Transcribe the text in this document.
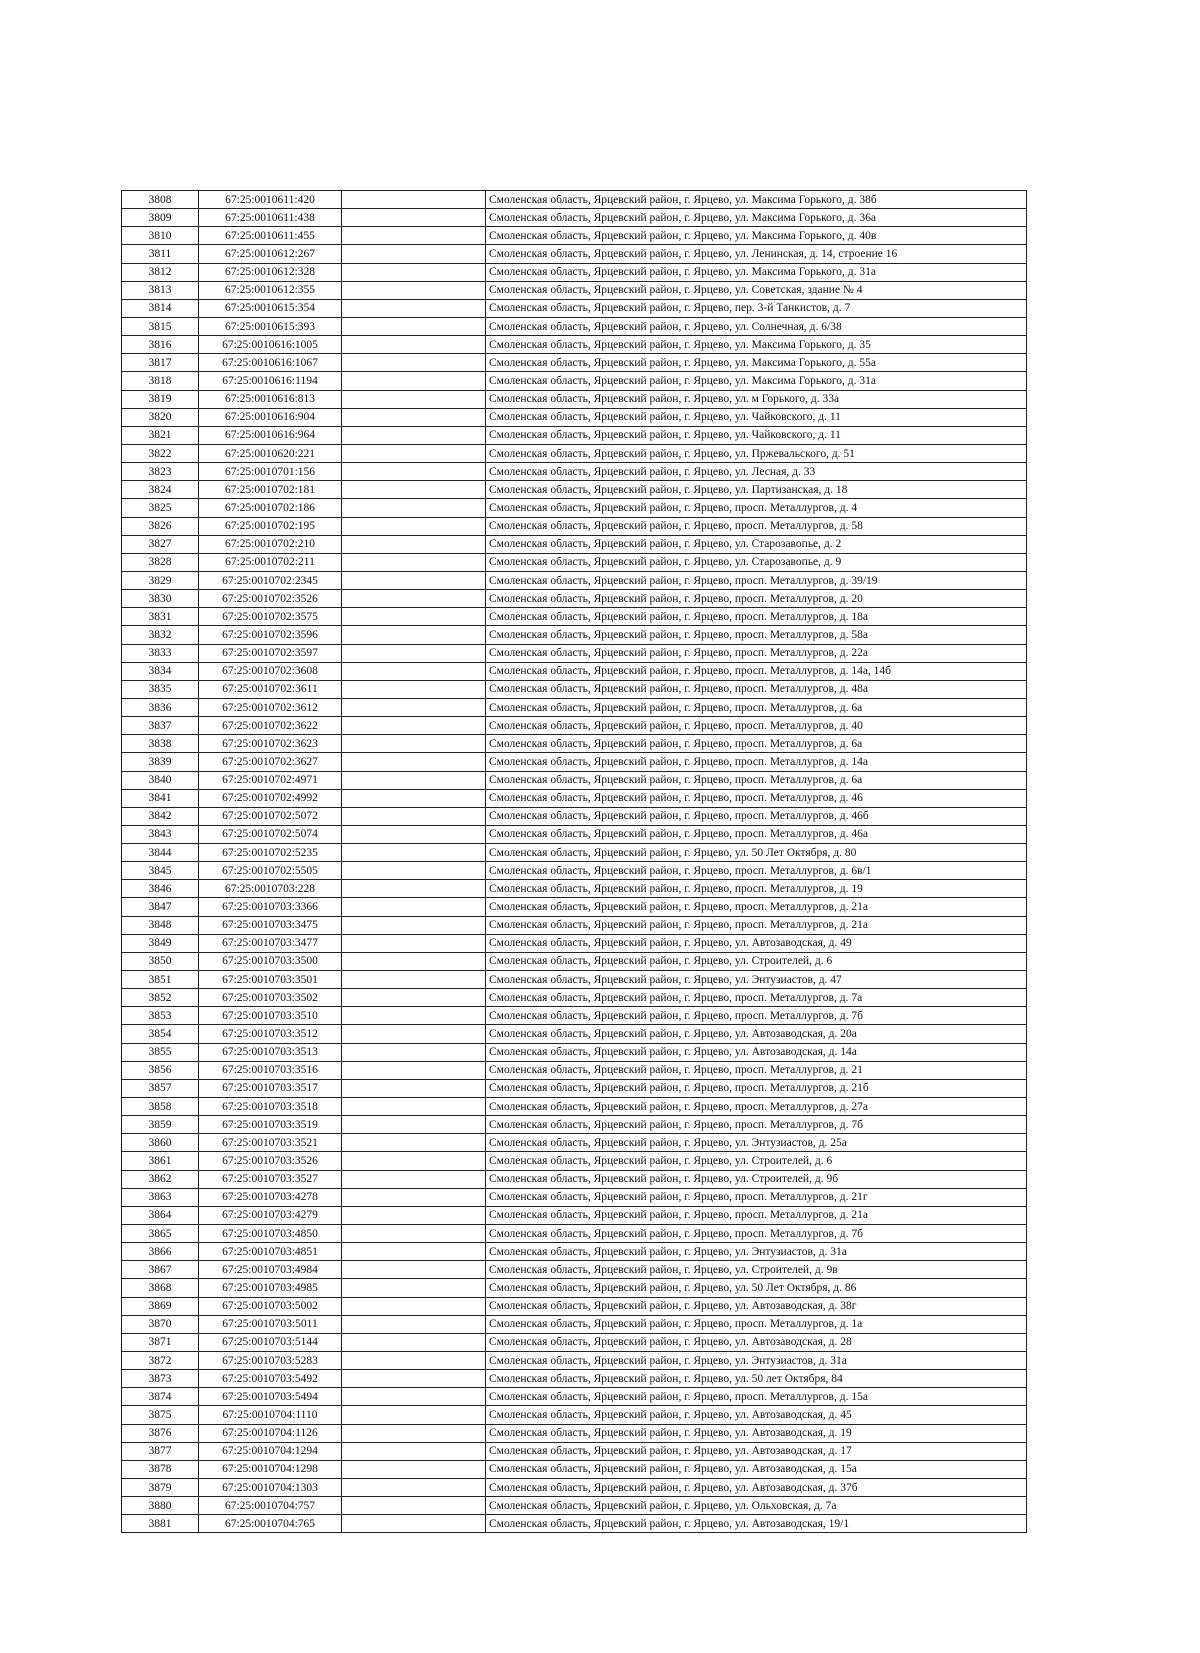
3808	67:25:0010611:420		Смоленская область, Ярцевский район, г. Ярцево, ул. Максима Горького, д. 38б
3809	67:25:0010611:438		Смоленская область, Ярцевский район, г. Ярцево, ул. Максима Горького, д. 36а
3810	67:25:0010611:455		Смоленская область, Ярцевский район, г. Ярцево, ул. Максима Горького, д. 40в
3811	67:25:0010612:267		Смоленская область, Ярцевский район, г. Ярцево, ул. Ленинская, д. 14, строение 16
3812	67:25:0010612:328		Смоленская область, Ярцевский район, г. Ярцево, ул. Максима Горького, д. 31а
3813	67:25:0010612:355		Смоленская область, Ярцевский район, г. Ярцево, ул. Советская, здание № 4
3814	67:25:0010615:354		Смоленская область, Ярцевский район, г. Ярцево, пер. 3-й Танкистов, д. 7
3815	67:25:0010615:393		Смоленская область, Ярцевский район, г. Ярцево, ул. Солнечная, д. 6/38
3816	67:25:0010616:1005		Смоленская область, Ярцевский район, г. Ярцево, ул. Максима Горького, д. 35
3817	67:25:0010616:1067		Смоленская область, Ярцевский район, г. Ярцево, ул. Максима Горького, д. 55а
3818	67:25:0010616:1194		Смоленская область, Ярцевский район, г. Ярцево, ул. Максима Горького, д. 31а
3819	67:25:0010616:813		Смоленская область, Ярцевский район, г. Ярцево, ул. м Горького, д. 33а
3820	67:25:0010616:904		Смоленская область, Ярцевский район, г. Ярцево, ул. Чайковского, д. 11
3821	67:25:0010616:964		Смоленская область, Ярцевский район, г. Ярцево, ул. Чайковского, д. 11
3822	67:25:0010620:221		Смоленская область, Ярцевский район, г. Ярцево, ул. Пржевальского, д. 51
3823	67:25:0010701:156		Смоленская область, Ярцевский район, г. Ярцево, ул. Лесная, д. 33
3824	67:25:0010702:181		Смоленская область, Ярцевский район, г. Ярцево, ул. Партизанская, д. 18
3825	67:25:0010702:186		Смоленская область, Ярцевский район, г. Ярцево, просп. Металлургов, д. 4
3826	67:25:0010702:195		Смоленская область, Ярцевский район, г. Ярцево, просп. Металлургов, д. 58
3827	67:25:0010702:210		Смоленская область, Ярцевский район, г. Ярцево, ул. Старозавопье, д. 2
3828	67:25:0010702:211		Смоленская область, Ярцевский район, г. Ярцево, ул. Старозавопье, д. 9
3829	67:25:0010702:2345		Смоленская область, Ярцевский район, г. Ярцево, просп. Металлургов, д. 39/19
3830	67:25:0010702:3526		Смоленская область, Ярцевский район, г. Ярцево, просп. Металлургов, д. 20
3831	67:25:0010702:3575		Смоленская область, Ярцевский район, г. Ярцево, просп. Металлургов, д. 18а
3832	67:25:0010702:3596		Смоленская область, Ярцевский район, г. Ярцево, просп. Металлургов, д. 58а
3833	67:25:0010702:3597		Смоленская область, Ярцевский район, г. Ярцево, просп. Металлургов, д. 22а
3834	67:25:0010702:3608		Смоленская область, Ярцевский район, г. Ярцево, просп. Металлургов, д. 14а, 14б
3835	67:25:0010702:3611		Смоленская область, Ярцевский район, г. Ярцево, просп. Металлургов, д. 48а
3836	67:25:0010702:3612		Смоленская область, Ярцевский район, г. Ярцево, просп. Металлургов, д. 6а
3837	67:25:0010702:3622		Смоленская область, Ярцевский район, г. Ярцево, просп. Металлургов, д. 40
3838	67:25:0010702:3623		Смоленская область, Ярцевский район, г. Ярцево, просп. Металлургов, д. 6а
3839	67:25:0010702:3627		Смоленская область, Ярцевский район, г. Ярцево, просп. Металлургов, д. 14а
3840	67:25:0010702:4971		Смоленская область, Ярцевский район, г. Ярцево, просп. Металлургов, д. 6а
3841	67:25:0010702:4992		Смоленская область, Ярцевский район, г. Ярцево, просп. Металлургов, д. 46
3842	67:25:0010702:5072		Смоленская область, Ярцевский район, г. Ярцево, просп. Металлургов, д. 46б
3843	67:25:0010702:5074		Смоленская область, Ярцевский район, г. Ярцево, просп. Металлургов, д. 46а
3844	67:25:0010702:5235		Смоленская область, Ярцевский район, г. Ярцево, ул. 50 Лет Октября, д. 80
3845	67:25:0010702:5505		Смоленская область, Ярцевский район, г. Ярцево, просп. Металлургов, д. 6в/1
3846	67:25:0010703:228		Смоленская область, Ярцевский район, г. Ярцево, просп. Металлургов, д. 19
3847	67:25:0010703:3366		Смоленская область, Ярцевский район, г. Ярцево, просп. Металлургов, д. 21а
3848	67:25:0010703:3475		Смоленская область, Ярцевский район, г. Ярцево, просп. Металлургов, д. 21а
3849	67:25:0010703:3477		Смоленская область, Ярцевский район, г. Ярцево, ул. Автозаводская, д. 49
3850	67:25:0010703:3500		Смоленская область, Ярцевский район, г. Ярцево, ул. Строителей, д. 6
3851	67:25:0010703:3501		Смоленская область, Ярцевский район, г. Ярцево, ул. Энтузиастов, д. 47
3852	67:25:0010703:3502		Смоленская область, Ярцевский район, г. Ярцево, просп. Металлургов, д. 7а
3853	67:25:0010703:3510		Смоленская область, Ярцевский район, г. Ярцево, просп. Металлургов, д. 7б
3854	67:25:0010703:3512		Смоленская область, Ярцевский район, г. Ярцево, ул. Автозаводская, д. 20а
3855	67:25:0010703:3513		Смоленская область, Ярцевский район, г. Ярцево, ул. Автозаводская, д. 14а
3856	67:25:0010703:3516		Смоленская область, Ярцевский район, г. Ярцево, просп. Металлургов, д. 21
3857	67:25:0010703:3517		Смоленская область, Ярцевский район, г. Ярцево, просп. Металлургов, д. 21б
3858	67:25:0010703:3518		Смоленская область, Ярцевский район, г. Ярцево, просп. Металлургов, д. 27а
3859	67:25:0010703:3519		Смоленская область, Ярцевский район, г. Ярцево, просп. Металлургов, д. 7б
3860	67:25:0010703:3521		Смоленская область, Ярцевский район, г. Ярцево, ул. Энтузиастов, д. 25а
3861	67:25:0010703:3526		Смоленская область, Ярцевский район, г. Ярцево, ул. Строителей, д. 6
3862	67:25:0010703:3527		Смоленская область, Ярцевский район, г. Ярцево, ул. Строителей, д. 9б
3863	67:25:0010703:4278		Смоленская область, Ярцевский район, г. Ярцево, просп. Металлургов, д. 21г
3864	67:25:0010703:4279		Смоленская область, Ярцевский район, г. Ярцево, просп. Металлургов, д. 21а
3865	67:25:0010703:4850		Смоленская область, Ярцевский район, г. Ярцево, просп. Металлургов, д. 7б
3866	67:25:0010703:4851		Смоленская область, Ярцевский район, г. Ярцево, ул. Энтузиастов, д. 31а
3867	67:25:0010703:4984		Смоленская область, Ярцевский район, г. Ярцево, ул. Строителей, д. 9в
3868	67:25:0010703:4985		Смоленская область, Ярцевский район, г. Ярцево, ул. 50 Лет Октября, д. 86
3869	67:25:0010703:5002		Смоленская область, Ярцевский район, г. Ярцево, ул. Автозаводская, д. 38г
3870	67:25:0010703:5011		Смоленская область, Ярцевский район, г. Ярцево, просп. Металлургов, д. 1а
3871	67:25:0010703:5144		Смоленская область, Ярцевский район, г. Ярцево, ул. Автозаводская, д. 28
3872	67:25:0010703:5283		Смоленская область, Ярцевский район, г. Ярцево, ул. Энтузиастов, д. 31а
3873	67:25:0010703:5492		Смоленская область, Ярцевский район, г. Ярцево, ул. 50 лет Октября, 84
3874	67:25:0010703:5494		Смоленская область, Ярцевский район, г. Ярцево, просп. Металлургов, д. 15а
3875	67:25:0010704:1110		Смоленская область, Ярцевский район, г. Ярцево, ул. Автозаводская, д. 45
3876	67:25:0010704:1126		Смоленская область, Ярцевский район, г. Ярцево, ул. Автозаводская, д. 19
3877	67:25:0010704:1294		Смоленская область, Ярцевский район, г. Ярцево, ул. Автозаводская, д. 17
3878	67:25:0010704:1298		Смоленская область, Ярцевский район, г. Ярцево, ул. Автозаводская, д. 15а
3879	67:25:0010704:1303		Смоленская область, Ярцевский район, г. Ярцево, ул. Автозаводская, д. 37б
3880	67:25:0010704:757		Смоленская область, Ярцевский район, г. Ярцево, ул. Ольховская, д. 7а
3881	67:25:0010704:765		Смоленская область, Ярцевский район, г. Ярцево, ул. Автозаводская, 19/1
